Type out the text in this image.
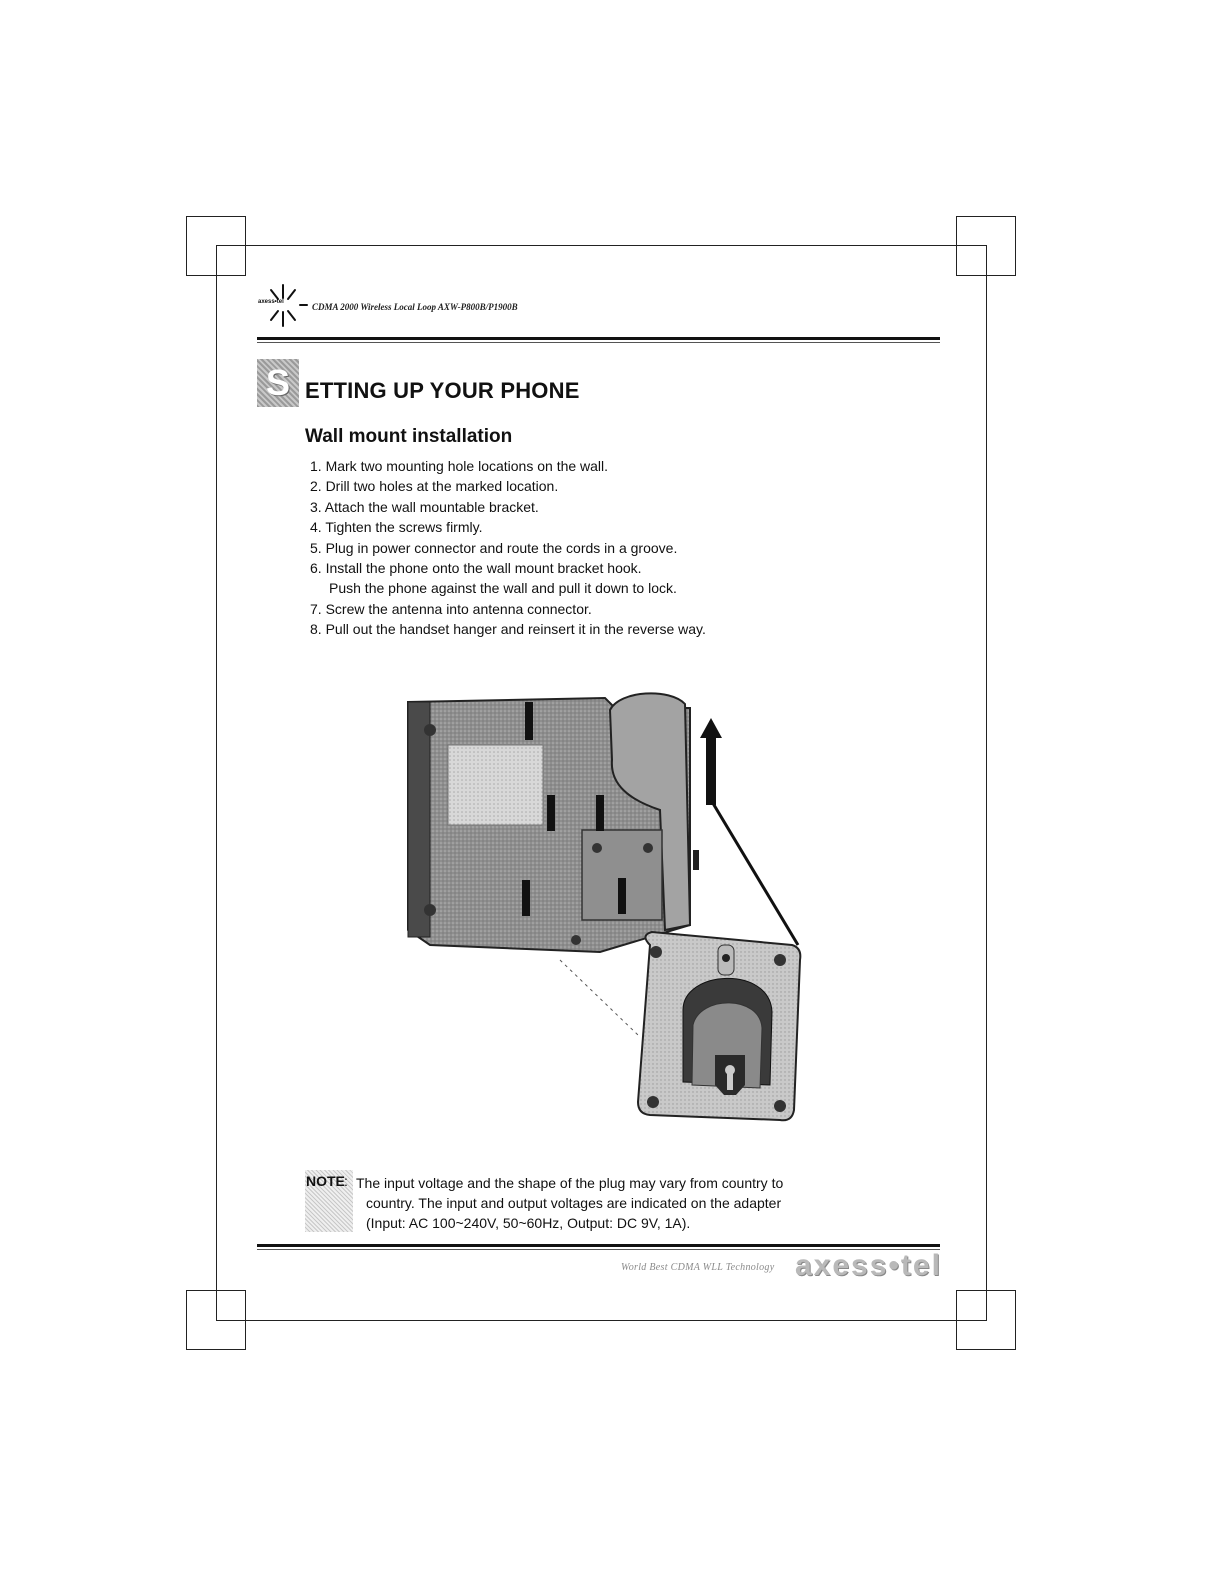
axess•tel	CDMA 2000 Wireless Local Loop AXW-P800B/P1900B
S ETTING UP YOUR PHONE
Wall mount installation
1. Mark two mounting hole locations on the wall.
2. Drill two holes at the marked location.
3. Attach the wall mountable bracket.
4. Tighten the screws firmly.
5. Plug in power connector and route the cords in a groove.
6. Install the phone onto the wall mount bracket hook.
Push the phone against the wall and pull it down to lock.
7. Screw the antenna into antenna connector.
8. Pull out the handset hanger and reinsert it in the reverse way.
NOTE : The input voltage and the shape of the plug may vary from country to
country. The input and output voltages are indicated on the adapter
(Input: AC 100~240V, 50~60Hz, Output: DC 9V, 1A).
World Best CDMA WLL Technology axess•tel
